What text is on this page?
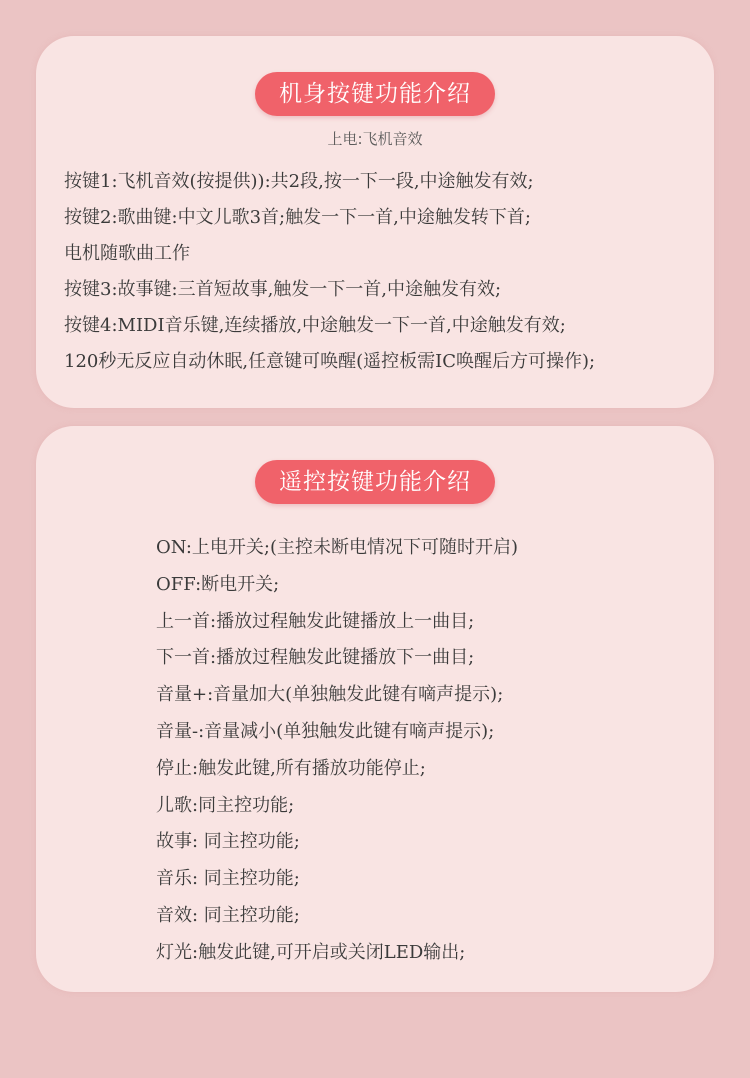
机身按键功能介绍
上电:飞机音效
按键1:飞机音效(按提供)):共2段,按一下一段,中途触发有效;
按键2:歌曲键:中文儿歌3首;触发一下一首,中途触发转下首;
电机随歌曲工作
按键3:故事键:三首短故事,触发一下一首,中途触发有效;
按键4:MIDI音乐键,连续播放,中途触发一下一首,中途触发有效;
120秒无反应自动休眠,任意键可唤醒(遥控板需IC唤醒后方可操作);
遥控按键功能介绍
ON:上电开关;(主控未断电情况下可随时开启)
OFF:断电开关;
上一首:播放过程触发此键播放上一曲目;
下一首:播放过程触发此键播放下一曲目;
音量+:音量加大(单独触发此键有嘀声提示);
音量-:音量减小(单独触发此键有嘀声提示);
停止:触发此键,所有播放功能停止;
儿歌:同主控功能;
故事: 同主控功能;
音乐: 同主控功能;
音效: 同主控功能;
灯光:触发此键,可开启或关闭LED输出;
